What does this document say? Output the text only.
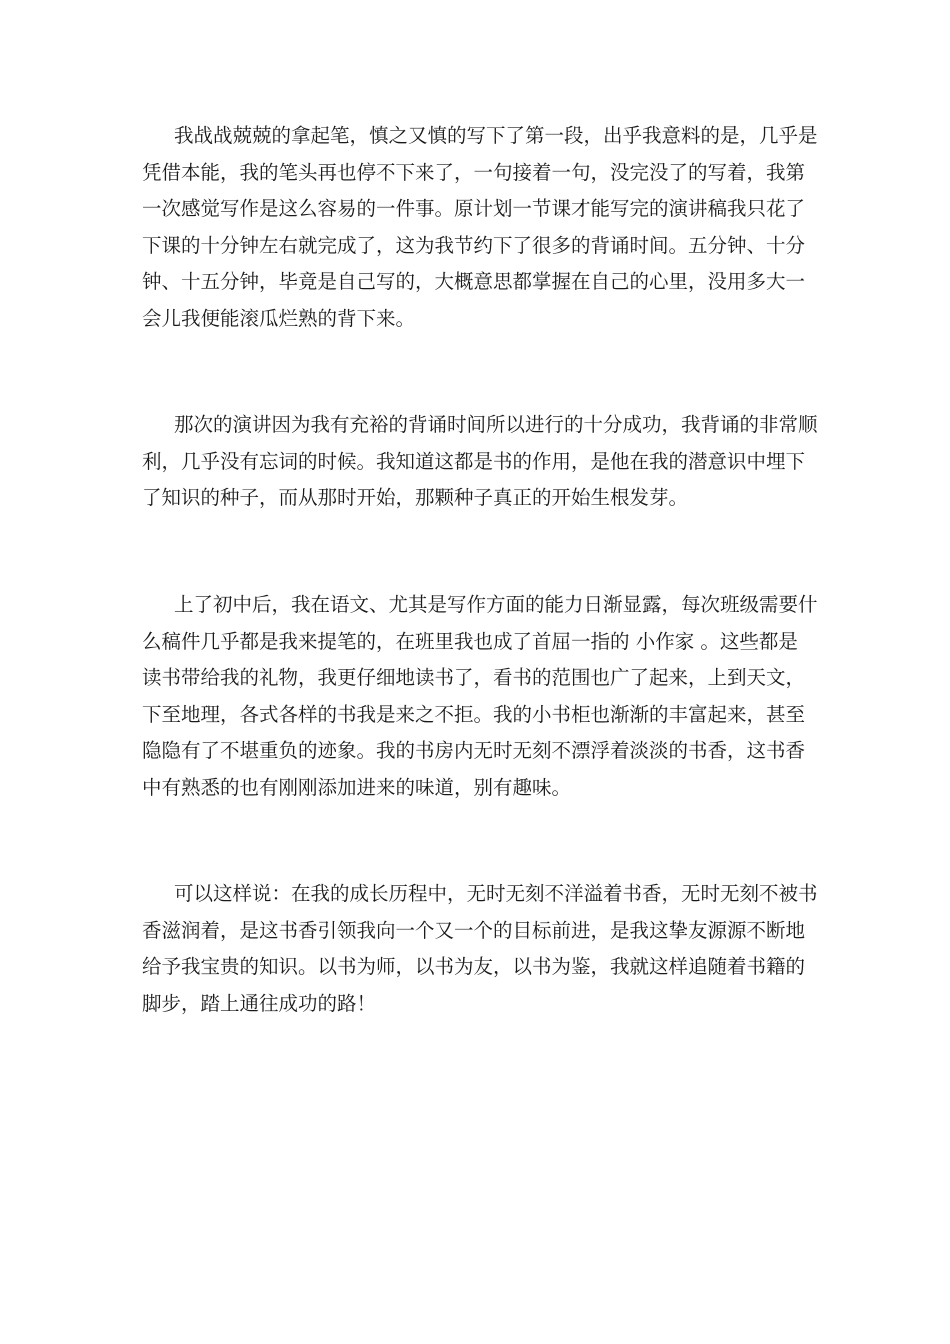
我战战兢兢的拿起笔，慎之又慎的写下了第一段，出乎我意料的是，几乎是
凭借本能，我的笔头再也停不下来了，一句接着一句，没完没了的写着，我第
一次感觉写作是这么容易的一件事。原计划一节课才能写完的演讲稿我只花了
下课的十分钟左右就完成了，这为我节约下了很多的背诵时间。五分钟、十分
钟、十五分钟，毕竟是自己写的，大概意思都掌握在自己的心里，没用多大一
会儿我便能滚瓜烂熟的背下来。
那次的演讲因为我有充裕的背诵时间所以进行的十分成功，我背诵的非常顺
利，几乎没有忘词的时候。我知道这都是书的作用，是他在我的潜意识中埋下
了知识的种子，而从那时开始，那颗种子真正的开始生根发芽。
上了初中后，我在语文、尤其是写作方面的能力日渐显露，每次班级需要什
么稿件几乎都是我来提笔的，在班里我也成了首屈一指的 小作家 。这些都是
读书带给我的礼物，我更仔细地读书了，看书的范围也广了起来，上到天文，
下至地理，各式各样的书我是来之不拒。我的小书柜也渐渐的丰富起来，甚至
隐隐有了不堪重负的迹象。我的书房内无时无刻不漂浮着淡淡的书香，这书香
中有熟悉的也有刚刚添加进来的味道，别有趣味。
可以这样说：在我的成长历程中，无时无刻不洋溢着书香，无时无刻不被书
香滋润着，是这书香引领我向一个又一个的目标前进，是我这挚友源源不断地
给予我宝贵的知识。以书为师，以书为友，以书为鉴，我就这样追随着书籍的
脚步，踏上通往成功的路！
